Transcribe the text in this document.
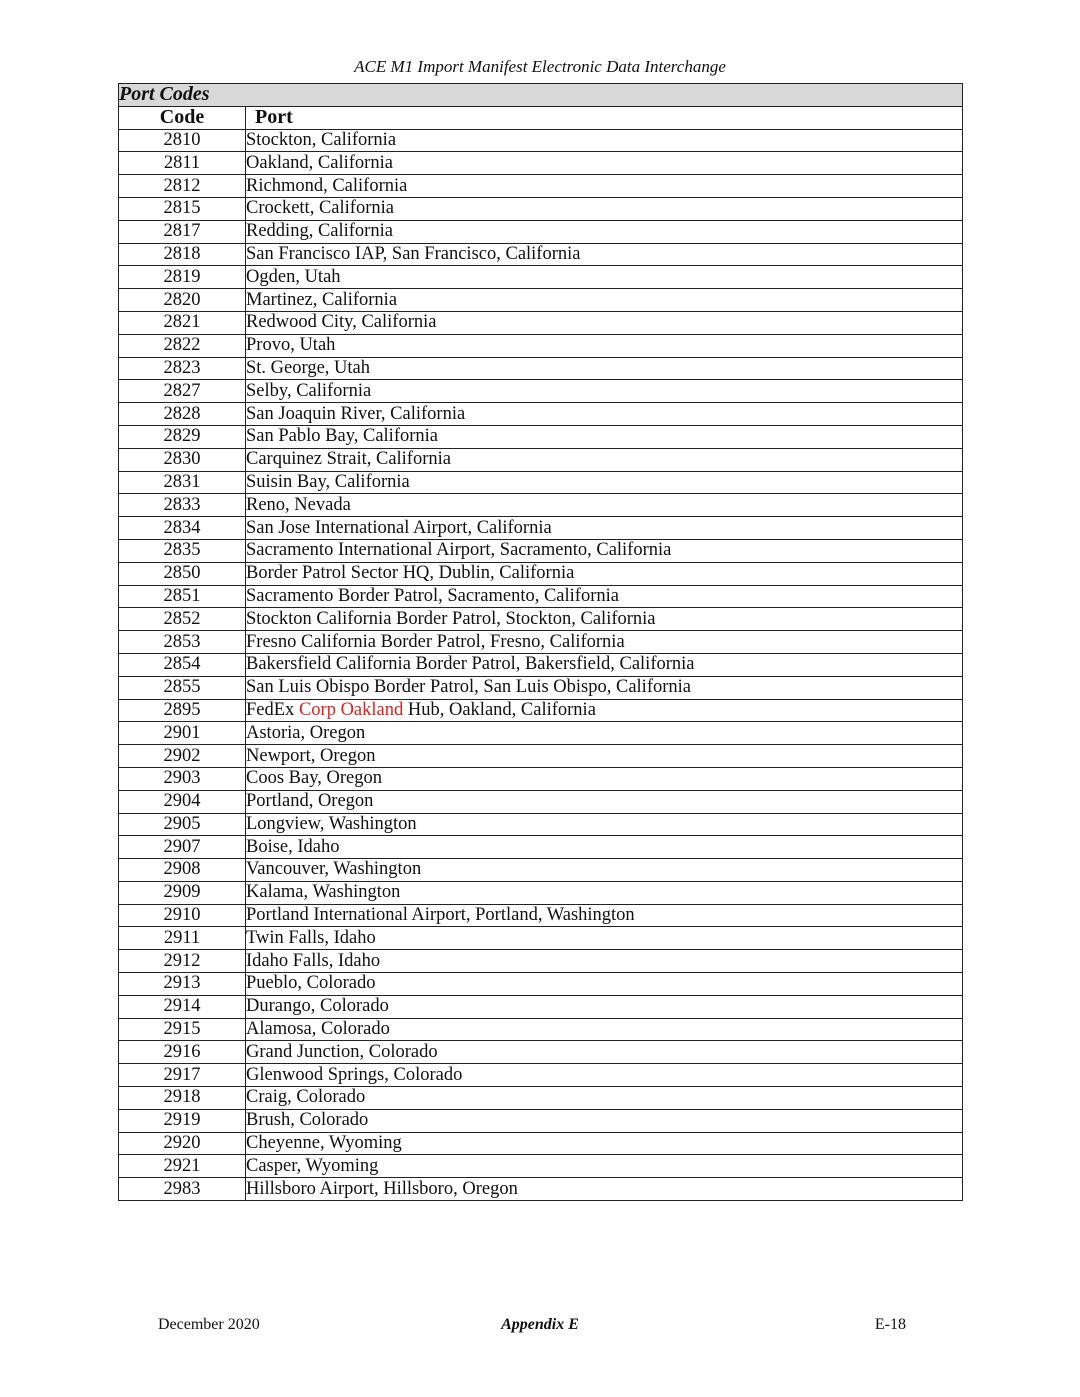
ACE M1 Import Manifest Electronic Data Interchange
Port Codes	
Code	Port
2810	Stockton, California
2811	Oakland, California
2812	Richmond, California
2815	Crockett, California
2817	Redding, California
2818	San Francisco IAP, San Francisco, California
2819	Ogden, Utah
2820	Martinez, California
2821	Redwood City, California
2822	Provo, Utah
2823	St. George, Utah
2827	Selby, California
2828	San Joaquin River, California
2829	San Pablo Bay, California
2830	Carquinez Strait, California
2831	Suisin Bay, California
2833	Reno, Nevada
2834	San Jose International Airport, California
2835	Sacramento International Airport, Sacramento, California
2850	Border Patrol Sector HQ, Dublin, California
2851	Sacramento Border Patrol, Sacramento, California
2852	Stockton California Border Patrol, Stockton, California
2853	Fresno California Border Patrol, Fresno, California
2854	Bakersfield California Border Patrol, Bakersfield, California
2855	San Luis Obispo Border Patrol, San Luis Obispo, California
2895	FedEx Corp Oakland Hub, Oakland, California
2901	Astoria, Oregon
2902	Newport, Oregon
2903	Coos Bay, Oregon
2904	Portland, Oregon
2905	Longview, Washington
2907	Boise, Idaho
2908	Vancouver, Washington
2909	Kalama, Washington
2910	Portland International Airport, Portland, Washington
2911	Twin Falls, Idaho
2912	Idaho Falls, Idaho
2913	Pueblo, Colorado
2914	Durango, Colorado
2915	Alamosa, Colorado
2916	Grand Junction, Colorado
2917	Glenwood Springs, Colorado
2918	Craig, Colorado
2919	Brush, Colorado
2920	Cheyenne, Wyoming
2921	Casper, Wyoming
2983	Hillsboro Airport, Hillsboro, Oregon
December 2020	Appendix E	E-18
